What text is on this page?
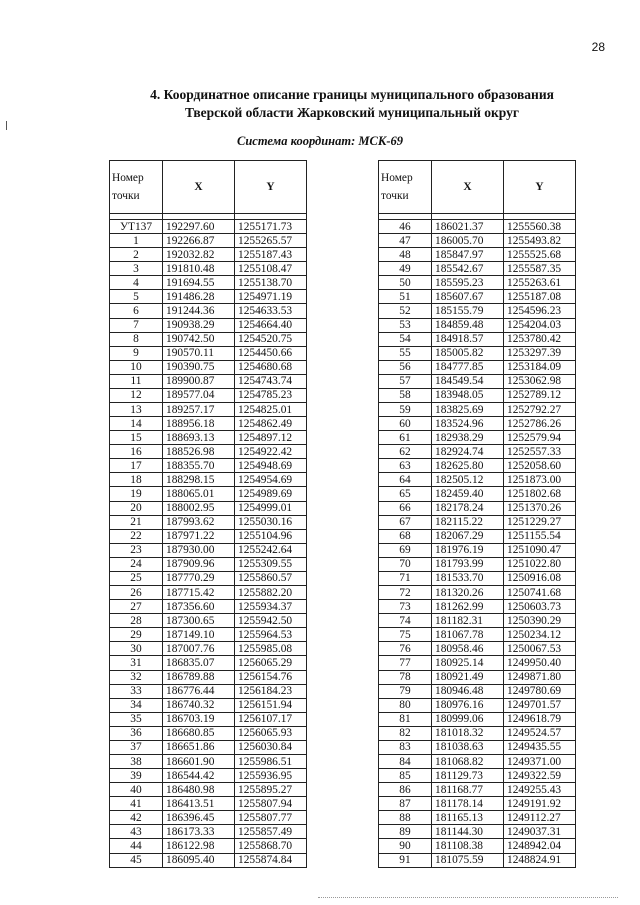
28
4. Координатное описание границы муниципального образования
Тверской области Жарковский муниципальный округ
Система координат: МСК-69
Номер
точки	X	Y

УТ137	192297.60	1255171.73
1	192266.87	1255265.57
2	192032.82	1255187.43
3	191810.48	1255108.47
4	191694.55	1255138.70
5	191486.28	1254971.19
6	191244.36	1254633.53
7	190938.29	1254664.40
8	190742.50	1254520.75
9	190570.11	1254450.66
10	190390.75	1254680.68
11	189900.87	1254743.74
12	189577.04	1254785.23
13	189257.17	1254825.01
14	188956.18	1254862.49
15	188693.13	1254897.12
16	188526.98	1254922.42
17	188355.70	1254948.69
18	188298.15	1254954.69
19	188065.01	1254989.69
20	188002.95	1254999.01
21	187993.62	1255030.16
22	187971.22	1255104.96
23	187930.00	1255242.64
24	187909.96	1255309.55
25	187770.29	1255860.57
26	187715.42	1255882.20
27	187356.60	1255934.37
28	187300.65	1255942.50
29	187149.10	1255964.53
30	187007.76	1255985.08
31	186835.07	1256065.29
32	186789.88	1256154.76
33	186776.44	1256184.23
34	186740.32	1256151.94
35	186703.19	1256107.17
36	186680.85	1256065.93
37	186651.86	1256030.84
38	186601.90	1255986.51
39	186544.42	1255936.95
40	186480.98	1255895.27
41	186413.51	1255807.94
42	186396.45	1255807.77
43	186173.33	1255857.49
44	186122.98	1255868.70
45	186095.40	1255874.84
Номер
точки	X	Y

46	186021.37	1255560.38
47	186005.70	1255493.82
48	185847.97	1255525.68
49	185542.67	1255587.35
50	185595.23	1255263.61
51	185607.67	1255187.08
52	185155.79	1254596.23
53	184859.48	1254204.03
54	184918.57	1253780.42
55	185005.82	1253297.39
56	184777.85	1253184.09
57	184549.54	1253062.98
58	183948.05	1252789.12
59	183825.69	1252792.27
60	183524.96	1252786.26
61	182938.29	1252579.94
62	182924.74	1252557.33
63	182625.80	1252058.60
64	182505.12	1251873.00
65	182459.40	1251802.68
66	182178.24	1251370.26
67	182115.22	1251229.27
68	182067.29	1251155.54
69	181976.19	1251090.47
70	181793.99	1251022.80
71	181533.70	1250916.08
72	181320.26	1250741.68
73	181262.99	1250603.73
74	181182.31	1250390.29
75	181067.78	1250234.12
76	180958.46	1250067.53
77	180925.14	1249950.40
78	180921.49	1249871.80
79	180946.48	1249780.69
80	180976.16	1249701.57
81	180999.06	1249618.79
82	181018.32	1249524.57
83	181038.63	1249435.55
84	181068.82	1249371.00
85	181129.73	1249322.59
86	181168.77	1249255.43
87	181178.14	1249191.92
88	181165.13	1249112.27
89	181144.30	1249037.31
90	181108.38	1248942.04
91	181075.59	1248824.91
